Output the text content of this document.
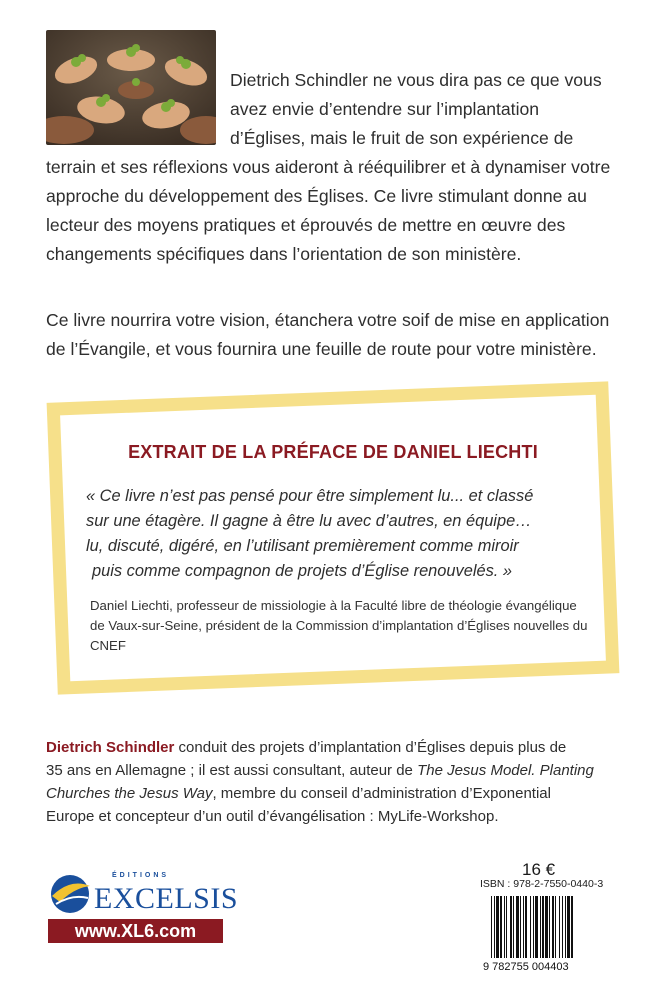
Dietrich Schindler ne vous dira pas ce que vous avez envie d’entendre sur l’implantation d’Églises, mais le fruit de son expérience de terrain et ses réflexions vous aideront à rééquilibrer et à dynamiser votre approche du développement des Églises. Ce livre stimulant donne au lecteur des moyens pratiques et éprouvés de mettre en œuvre des changements spécifiques dans l’orientation de son ministère.

Ce livre nourrira votre vision, étanchera votre soif de mise en application de l’Évangile, et vous fournira une feuille de route pour votre ministère.

EXTRAIT DE LA PRÉFACE DE DANIEL LIECHTI
« Ce livre n’est pas pensé pour être simplement lu... et classé
sur une étagère. Il gagne à être lu avec d’autres, en équipe…
lu, discuté, digéré, en l’utilisant premièrement comme miroir
puis comme compagnon de projets d’Église renouvelés. »
Daniel Liechti, professeur de missiologie à la Faculté libre de théologie évangélique de Vaux-sur-Seine, président de la Commission d’implantation d’Églises nouvelles du CNEF
Dietrich Schindler conduit des projets d’implantation d’Églises depuis plus de
35 ans en Allemagne ; il est aussi consultant, auteur de The Jesus Model. Planting
Churches the Jesus Way, membre du conseil d’administration d’Exponential
Europe et concepteur d’un outil d’évangélisation : MyLife-Workshop.
ÉDITIONS
EXCELSIS
www.XL6.com
16 €
ISBN : 978-2-7550-0440-3
9 782755 004403
